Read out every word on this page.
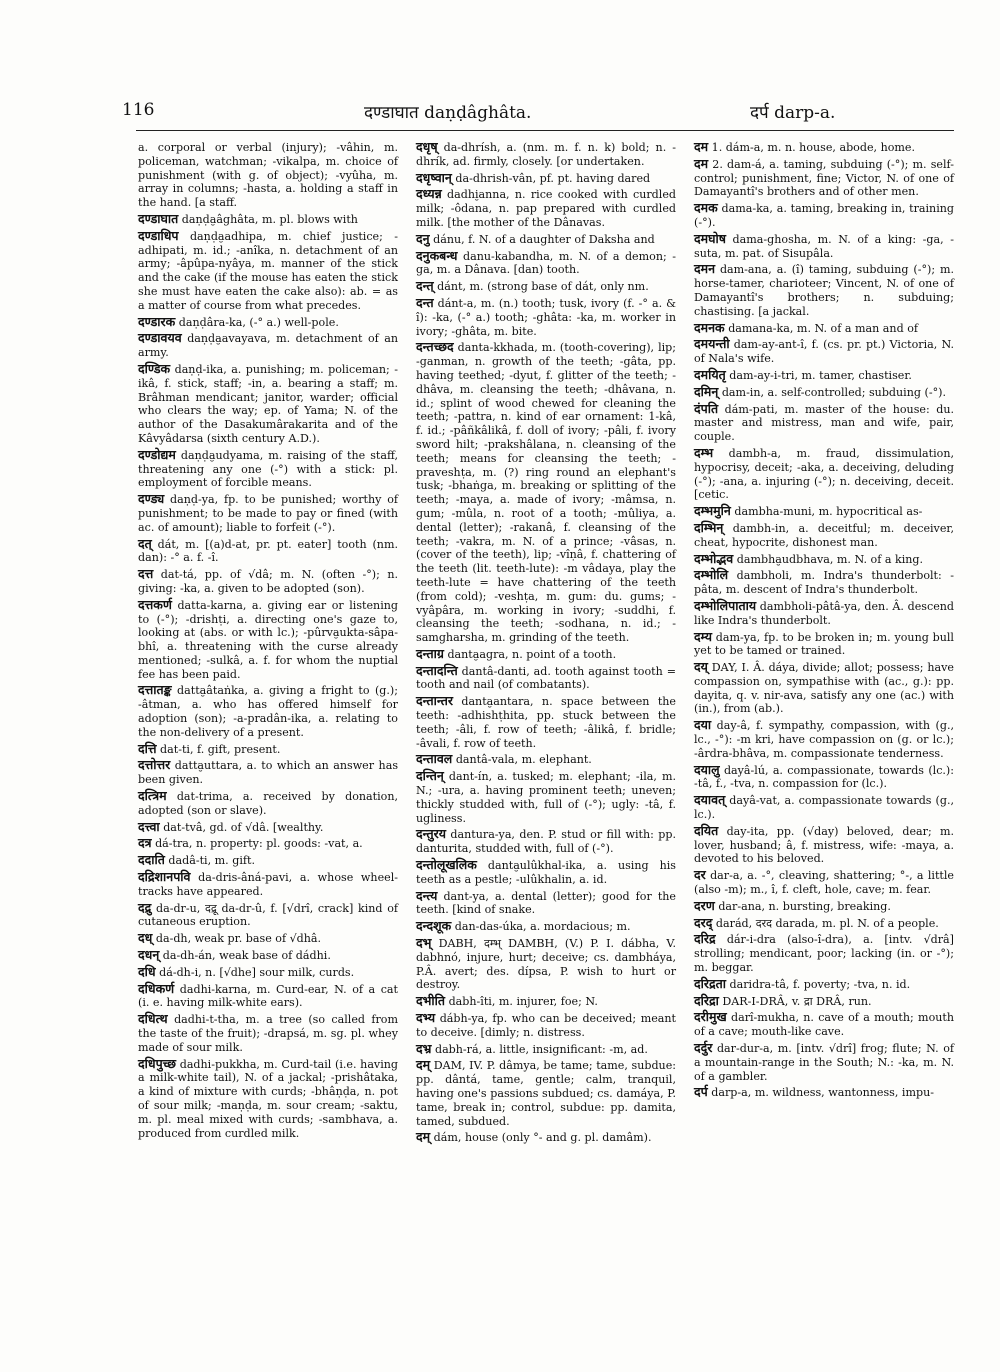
116	दण्डाघात daṇḍâghâta.	दर्प darp-a.
a. corporal or verbal (injury); -vâhin, m. policeman, watchman; -vikalpa, m. choice of punishment (with g. of object); -vyûha, m. array in columns; -hasta, a. holding a staff in the hand. [a staff.
दण्डाघात daṇḍa̮âghâta, m. pl. blows with
दण्डाधिप daṇḍa̮adhipa, m. chief justice; -adhipati, m. id.; -anîka, n. detachment of an army; -âpûpa-nyâya, m. manner of the stick and the cake (if the mouse has eaten the stick she must have eaten the cake also): ab. = as a matter of course from what precedes.
दण्डारक daṇḍâra-ka, (-° a.) well-pole.
दण्डावयव daṇḍa̮avayava, m. detachment of an army.
दण्डिक daṇḍ-ika, a. punishing; m. policeman; -ikâ, f. stick, staff; -in, a. bearing a staff; m. Brâhman mendicant; janitor, warder; official who clears the way; ep. of Yama; N. of the author of the Dasakumârakarita and of the Kâvyâdarsa (sixth century A.D.).
दण्डोद्यम daṇḍa̮udyama, m. raising of the staff, threatening any one (-°) with a stick: pl. employment of forcible means.
दण्ड्य daṇḍ-ya, fp. to be punished; worthy of punishment; to be made to pay or fined (with ac. of amount); liable to forfeit (-°).
दत् dát, m. [(a)d-at, pr. pt. eater] tooth (nm. dan): -° a. f. -î.
दत्त dat-tá, pp. of √dâ; m. N. (often -°); n. giving: -ka, a. given to be adopted (son).
दत्तकर्ण datta-karna, a. giving ear or listening to (-°); -drishṭi, a. directing one's gaze to, looking at (abs. or with lc.); -pûrva̮ukta-sâpa-bhî, a. threatening with the curse already mentioned; -sulkâ, a. f. for whom the nuptial fee has been paid.
दत्तातङ्क datta̮âtaṅka, a. giving a fright to (g.); -âtman, a. who has offered himself for adoption (son); -a-pradân-ika, a. relating to the non-delivery of a present.
दत्ति dat-ti, f. gift, present.
दत्तोत्तर datta̮uttara, a. to which an answer has been given.
दत्त्रिम dat-trima, a. received by donation, adopted (son or slave).
दत्त्वा dat-tvâ, gd. of √dâ. [wealthy.
दत्र dá-tra, n. property: pl. goods: -vat, a.
ददाति dadâ-ti, m. gift.
दद्रिशानपवि da-dris-âná-pavi, a. whose wheel-tracks have appeared.
दद्रु da-dr-u, दद्रू da-dr-û, f. [√drî, crack] kind of cutaneous eruption.
दध् da-dh, weak pr. base of √dhâ.
दधन् da-dh-án, weak base of dádhi.
दधि dá-dh-i, n. [√dhe] sour milk, curds.
दधिकर्ण dadhi-karna, m. Curd-ear, N. of a cat (i. e. having milk-white ears).
दधित्थ dadhi-t-tha, m. a tree (so called from the taste of the fruit); -drapsá, m. sg. pl. whey made of sour milk.
दधिपुच्छ dadhi-pukkha, m. Curd-tail (i.e. having a milk-white tail), N. of a jackal; -prishâtaka, a kind of mixture with curds; -bhâṇḍa, n. pot of sour milk; -maṇḍa, m. sour cream; -saktu, m. pl. meal mixed with curds; -sambhava, a. produced from curdled milk.
दधृष् da-dhrísh, a. (nm. m. f. n. k) bold; n. -dhrík, ad. firmly, closely. [or undertaken.
दधृष्वान् da-dhrish-vân, pf. pt. having dared
दध्यन्न dadhi̮anna, n. rice cooked with curdled milk; -ôdana, n. pap prepared with curdled milk. [the mother of the Dânavas.
दनु dánu, f. N. of a daughter of Daksha and
दनुकबन्ध danu-kabandha, m. N. of a demon; -ga, m. a Dânava. [dan) tooth.
दन्त् dánt, m. (strong base of dát, only nm.
दन्त dánt-a, m. (n.) tooth; tusk, ivory (f. -° a. & î): -ka, (-° a.) tooth; -ghâta: -ka, m. worker in ivory; -ghâta, m. bite.
दन्तच्छद danta-kkhada, m. (tooth-covering), lip; -ganman, n. growth of the teeth; -gâta, pp. having teethed; -dyut, f. glitter of the teeth; -dhâva, m. cleansing the teeth; -dhâvana, n. id.; splint of wood chewed for cleaning the teeth; -pattra, n. kind of ear ornament: 1-kâ, f. id.; -pâñkâlikâ, f. doll of ivory; -pâli, f. ivory sword hilt; -prakshâlana, n. cleansing of the teeth; means for cleansing the teeth; -praveshṭa, m. (?) ring round an elephant's tusk; -bhaṅga, m. breaking or splitting of the teeth; -maya, a. made of ivory; -mâmsa, n. gum; -mûla, n. root of a tooth; -mûliya, a. dental (letter); -rakanâ, f. cleansing of the teeth; -vakra, m. N. of a prince; -vâsas, n. (cover of the teeth), lip; -vîṇâ, f. chattering of the teeth (lit. teeth-lute): -m vâdaya, play the teeth-lute = have chattering of the teeth (from cold); -veshṭa, m. gum: du. gums; -vyâpâra, m. working in ivory; -suddhi, f. cleansing the teeth; -sodhana, n. id.; -samgharsha, m. grinding of the teeth.
दन्ताग्र danta̮agra, n. point of a tooth.
दन्तादन्ति dantâ-danti, ad. tooth against tooth = tooth and nail (of combatants).
दन्तान्तर danta̮antara, n. space between the teeth: -adhishṭhita, pp. stuck between the teeth; -âli, f. row of teeth; -âlikâ, f. bridle; -âvali, f. row of teeth.
दन्तावल dantâ-vala, m. elephant.
दन्तिन् dant-ín, a. tusked; m. elephant; -ila, m. N.; -ura, a. having prominent teeth; uneven; thickly studded with, full of (-°); ugly: -tâ, f. ugliness.
दन्तुरय dantura-ya, den. P. stud or fill with: pp. danturita, studded with, full of (-°).
दन्तोलूखलिक danta̮ulûkhal-ika, a. using his teeth as a pestle; -ulûkhalin, a. id.
दन्त्य dant-ya, a. dental (letter); good for the teeth. [kind of snake.
दन्दशूक dan-das-úka, a. mordacious; m.
दभ् DABH, दम्भ् DAMBH, (V.) P. I. dábha, V. dabhnó, injure, hurt; deceive; cs. dambháya, P.Â. avert; des. dípsa, P. wish to hurt or destroy.
दभीति dabh-îti, m. injurer, foe; N.
दभ्य dábh-ya, fp. who can be deceived; meant to deceive. [dimly; n. distress.
दभ्र dabh-rá, a. little, insignificant: -m, ad.
दम् DAM, IV. P. dâmya, be tame; tame, subdue: pp. dântá, tame, gentle; calm, tranquil, having one's passions subdued; cs. damáya, P. tame, break in; control, subdue: pp. damita, tamed, subdued.
दम् dám, house (only °- and g. pl. damâm).
दम 1. dám-a, m. n. house, abode, home.
दम 2. dam-á, a. taming, subduing (-°); m. self-control; punishment, fine; Victor, N. of one of Damayantî's brothers and of other men.
दमक dama-ka, a. taming, breaking in, training (-°).
दमघोष dama-ghosha, m. N. of a king: -ga, -suta, m. pat. of Sisupâla.
दमन dam-ana, a. (î) taming, subduing (-°); m. horse-tamer, charioteer; Vincent, N. of one of Damayantî's brothers; n. subduing; chastising. [a jackal.
दमनक damana-ka, m. N. of a man and of
दमयन्ती dam-ay-ant-î, f. (cs. pr. pt.) Victoria, N. of Nala's wife.
दमयितृ dam-ay-i-tri, m. tamer, chastiser.
दमिन् dam-in, a. self-controlled; subduing (-°).
दंपति dám-pati, m. master of the house: du. master and mistress, man and wife, pair, couple.
दम्भ dambh-a, m. fraud, dissimulation, hypocrisy, deceit; -aka, a. deceiving, deluding (-°); -ana, a. injuring (-°); n. deceiving, deceit. [cetic.
दम्भमुनि dambha-muni, m. hypocritical as-
दम्भिन् dambh-in, a. deceitful; m. deceiver, cheat, hypocrite, dishonest man.
दम्भोद्भव dambha̮udbhava, m. N. of a king.
दम्भोलि dambholi, m. Indra's thunderbolt: -pâta, m. descent of Indra's thunderbolt.
दम्भोलिपाताय dambholi-pâtâ-ya, den. Â. descend like Indra's thunderbolt.
दम्य dam-ya, fp. to be broken in; m. young bull yet to be tamed or trained.
दय् DAY, I. Â. dáya, divide; allot; possess; have compassion on, sympathise with (ac., g.): pp. dayita, q. v. nir-ava, satisfy any one (ac.) with (in.), from (ab.).
दया day-â, f. sympathy, compassion, with (g., lc., -°): -m kri, have compassion on (g. or lc.); -ârdra-bhâva, m. compassionate tenderness.
दयालु dayâ-lú, a. compassionate, towards (lc.): -tâ, f., -tva, n. compassion for (lc.).
दयावत् dayâ-vat, a. compassionate towards (g., lc.).
दयित day-ita, pp. (√day) beloved, dear; m. lover, husband; â, f. mistress, wife: -maya, a. devoted to his beloved.
दर dar-a, a. -°, cleaving, shattering; °-, a little (also -m); m., î, f. cleft, hole, cave; m. fear.
दरण dar-ana, n. bursting, breaking.
दरद् darád, दरद darada, m. pl. N. of a people.
दरिद्र dár-i-dra (also-î-dra), a. [intv. √drâ] strolling; mendicant, poor; lacking (in. or -°); m. beggar.
दरिद्रता daridra-tâ, f. poverty; -tva, n. id.
दरिद्रा DAR-I-DRÂ, v. द्रा DRÂ, run.
दरीमुख darî-mukha, n. cave of a mouth; mouth of a cave; mouth-like cave.
दर्दुर dar-dur-a, m. [intv. √drî] frog; flute; N. of a mountain-range in the South; N.: -ka, m. N. of a gambler.
दर्प darp-a, m. wildness, wantonness, impu-
